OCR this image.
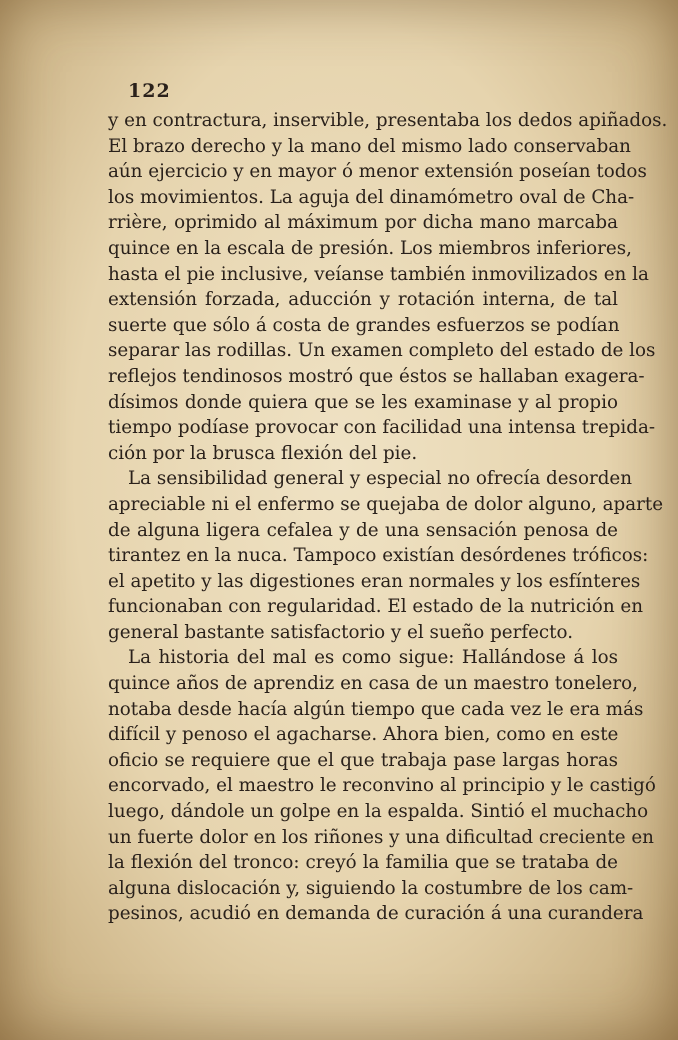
122
y en contractura, inservible, presentaba los dedos apiñados.
El brazo derecho y la mano del mismo lado conservaban
aún ejercicio y en mayor ó menor extensión poseían todos
los movimientos. La aguja del dinamómetro oval de Cha-
rrière, oprimido al máximum por dicha mano marcaba
quince en la escala de presión. Los miembros inferiores,
hasta el pie inclusive, veíanse también inmovilizados en la
extensión forzada, aducción y rotación interna, de tal
suerte que sólo á costa de grandes esfuerzos se podían
separar las rodillas. Un examen completo del estado de los
reflejos tendinosos mostró que éstos se hallaban exagera-
dísimos donde quiera que se les examinase y al propio
tiempo podíase provocar con facilidad una intensa trepida-
ción por la brusca flexión del pie.
La sensibilidad general y especial no ofrecía desorden
apreciable ni el enfermo se quejaba de dolor alguno, aparte
de alguna ligera cefalea y de una sensación penosa de
tirantez en la nuca. Tampoco existían desórdenes tróficos:
el apetito y las digestiones eran normales y los esfínteres
funcionaban con regularidad. El estado de la nutrición en
general bastante satisfactorio y el sueño perfecto.
La historia del mal es como sigue: Hallándose á los
quince años de aprendiz en casa de un maestro tonelero,
notaba desde hacía algún tiempo que cada vez le era más
difícil y penoso el agacharse. Ahora bien, como en este
oficio se requiere que el que trabaja pase largas horas
encorvado, el maestro le reconvino al principio y le castigó
luego, dándole un golpe en la espalda. Sintió el muchacho
un fuerte dolor en los riñones y una dificultad creciente en
la flexión del tronco: creyó la familia que se trataba de
alguna dislocación y, siguiendo la costumbre de los cam-
pesinos, acudió en demanda de curación á una curandera
